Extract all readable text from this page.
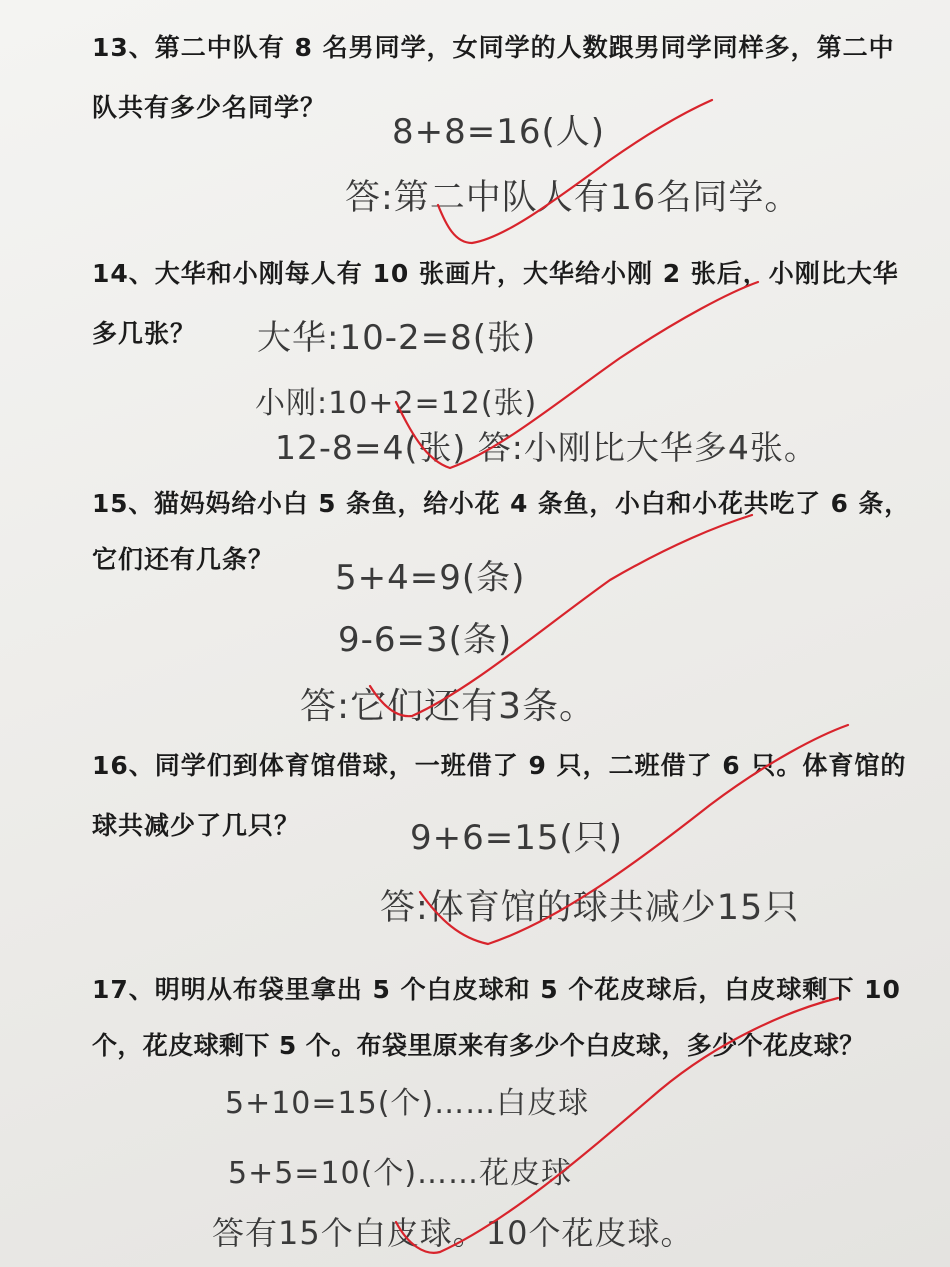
13、第二中队有 8 名男同学，女同学的人数跟男同学同样多，第二中
队共有多少名同学？
8+8=16(人)
答:第二中队人有16名同学。
14、大华和小刚每人有 10 张画片，大华给小刚 2 张后，小刚比大华
多几张？	大华:10-2=8(张)
小刚:10+2=12(张)
12-8=4(张) 答:小刚比大华多4张。
15、猫妈妈给小白 5 条鱼，给小花 4 条鱼，小白和小花共吃了 6 条，
它们还有几条？	5+4=9(条)
9-6=3(条)
答:它们还有3条。
16、同学们到体育馆借球，一班借了 9 只，二班借了 6 只。体育馆的
球共减少了几只？	9+6=15(只)
答:体育馆的球共减少15只
17、明明从布袋里拿出 5 个白皮球和 5 个花皮球后，白皮球剩下 10
个，花皮球剩下 5 个。布袋里原来有多少个白皮球，多少个花皮球？
5+10=15(个)……白皮球
5+5=10(个)……花皮球
答有15个白皮球。10个花皮球。
